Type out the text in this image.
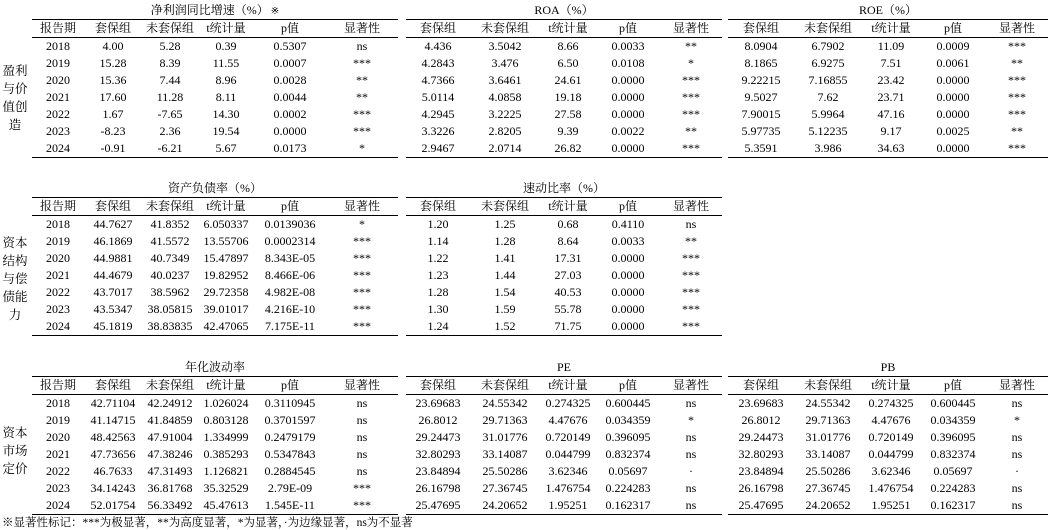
盈利与价值创造
净利润同比增速（%） ※
报告期	套保组	未套保组	t统计量	p值	显著性
2018	4.00	5.28	0.39	0.5307	ns
2019	15.28	8.39	11.55	0.0007	***
2020	15.36	7.44	8.96	0.0028	**
2021	17.60	11.28	8.11	0.0044	**
2022	1.67	-7.65	14.30	0.0002	***
2023	-8.23	2.36	19.54	0.0000	***
2024	-0.91	-6.21	5.67	0.0173	*
ROA（%）
套保组	未套保组	t统计量	p值	显著性
4.436	3.5042	8.66	0.0033	**
4.2843	3.476	6.50	0.0108	*
4.7366	3.6461	24.61	0.0000	***
5.0114	4.0858	19.18	0.0000	***
4.2945	3.2225	27.58	0.0000	***
3.3226	2.8205	9.39	0.0022	**
2.9467	2.0714	26.82	0.0000	***
ROE（%）
套保组	未套保组	t统计量	p值	显著性
8.0904	6.7902	11.09	0.0009	***
8.1865	6.9275	7.51	0.0061	**
9.22215	7.16855	23.42	0.0000	***
9.5027	7.62	23.71	0.0000	***
7.90015	5.9964	47.16	0.0000	***
5.97735	5.12235	9.17	0.0025	**
5.3591	3.986	34.63	0.0000	***
资本结构与偿债能力
资产负债率（%）
报告期	套保组	未套保组	t统计量	p值	显著性
2018	44.7627	41.8352	6.050337	0.0139036	*
2019	46.1869	41.5572	13.55706	0.0002314	***
2020	44.9881	40.7349	15.47897	8.343E-05	***
2021	44.4679	40.0237	19.82952	8.466E-06	***
2022	43.7017	38.5962	29.72358	4.982E-08	***
2023	43.5347	38.05815	39.01017	4.216E-10	***
2024	45.1819	38.83835	42.47065	7.175E-11	***
速动比率（%）
套保组	未套保组	t统计量	p值	显著性
1.20	1.25	0.68	0.4110	ns
1.14	1.28	8.64	0.0033	**
1.22	1.41	17.31	0.0000	***
1.23	1.44	27.03	0.0000	***
1.28	1.54	40.53	0.0000	***
1.30	1.59	55.78	0.0000	***
1.24	1.52	71.75	0.0000	***
资本市场定价
年化波动率
报告期	套保组	未套保组	t统计量	p值	显著性
2018	42.71104	42.24912	1.026024	0.3110945	ns
2019	41.14715	41.84859	0.803128	0.3701597	ns
2020	48.42563	47.91004	1.334999	0.2479179	ns
2021	47.73656	47.38246	0.385293	0.5347843	ns
2022	46.7633	47.31493	1.126821	0.2884545	ns
2023	34.14243	36.81768	35.32529	2.79E-09	***
2024	52.01754	56.33492	45.47613	1.545E-11	***
PE
套保组	未套保组	t统计量	p值	显著性
23.69683	24.55342	0.274325	0.600445	ns
26.8012	29.71363	4.47676	0.034359	*
29.24473	31.01776	0.720149	0.396095	ns
32.80293	33.14087	0.044799	0.832374	ns
23.84894	25.50286	3.62346	0.05697	·
26.16798	27.36745	1.476754	0.224283	ns
25.47695	24.20652	1.95251	0.162317	ns
PB
套保组	未套保组	t统计量	p值	显著性
23.69683	24.55342	0.274325	0.600445	ns
26.8012	29.71363	4.47676	0.034359	*
29.24473	31.01776	0.720149	0.396095	ns
32.80293	33.14087	0.044799	0.832374	ns
23.84894	25.50286	3.62346	0.05697	·
26.16798	27.36745	1.476754	0.224283	ns
25.47695	24.20652	1.95251	0.162317	ns
※显著性标记：***为极显著，**为高度显著，*为显著，·为边缘显著，ns为不显著
